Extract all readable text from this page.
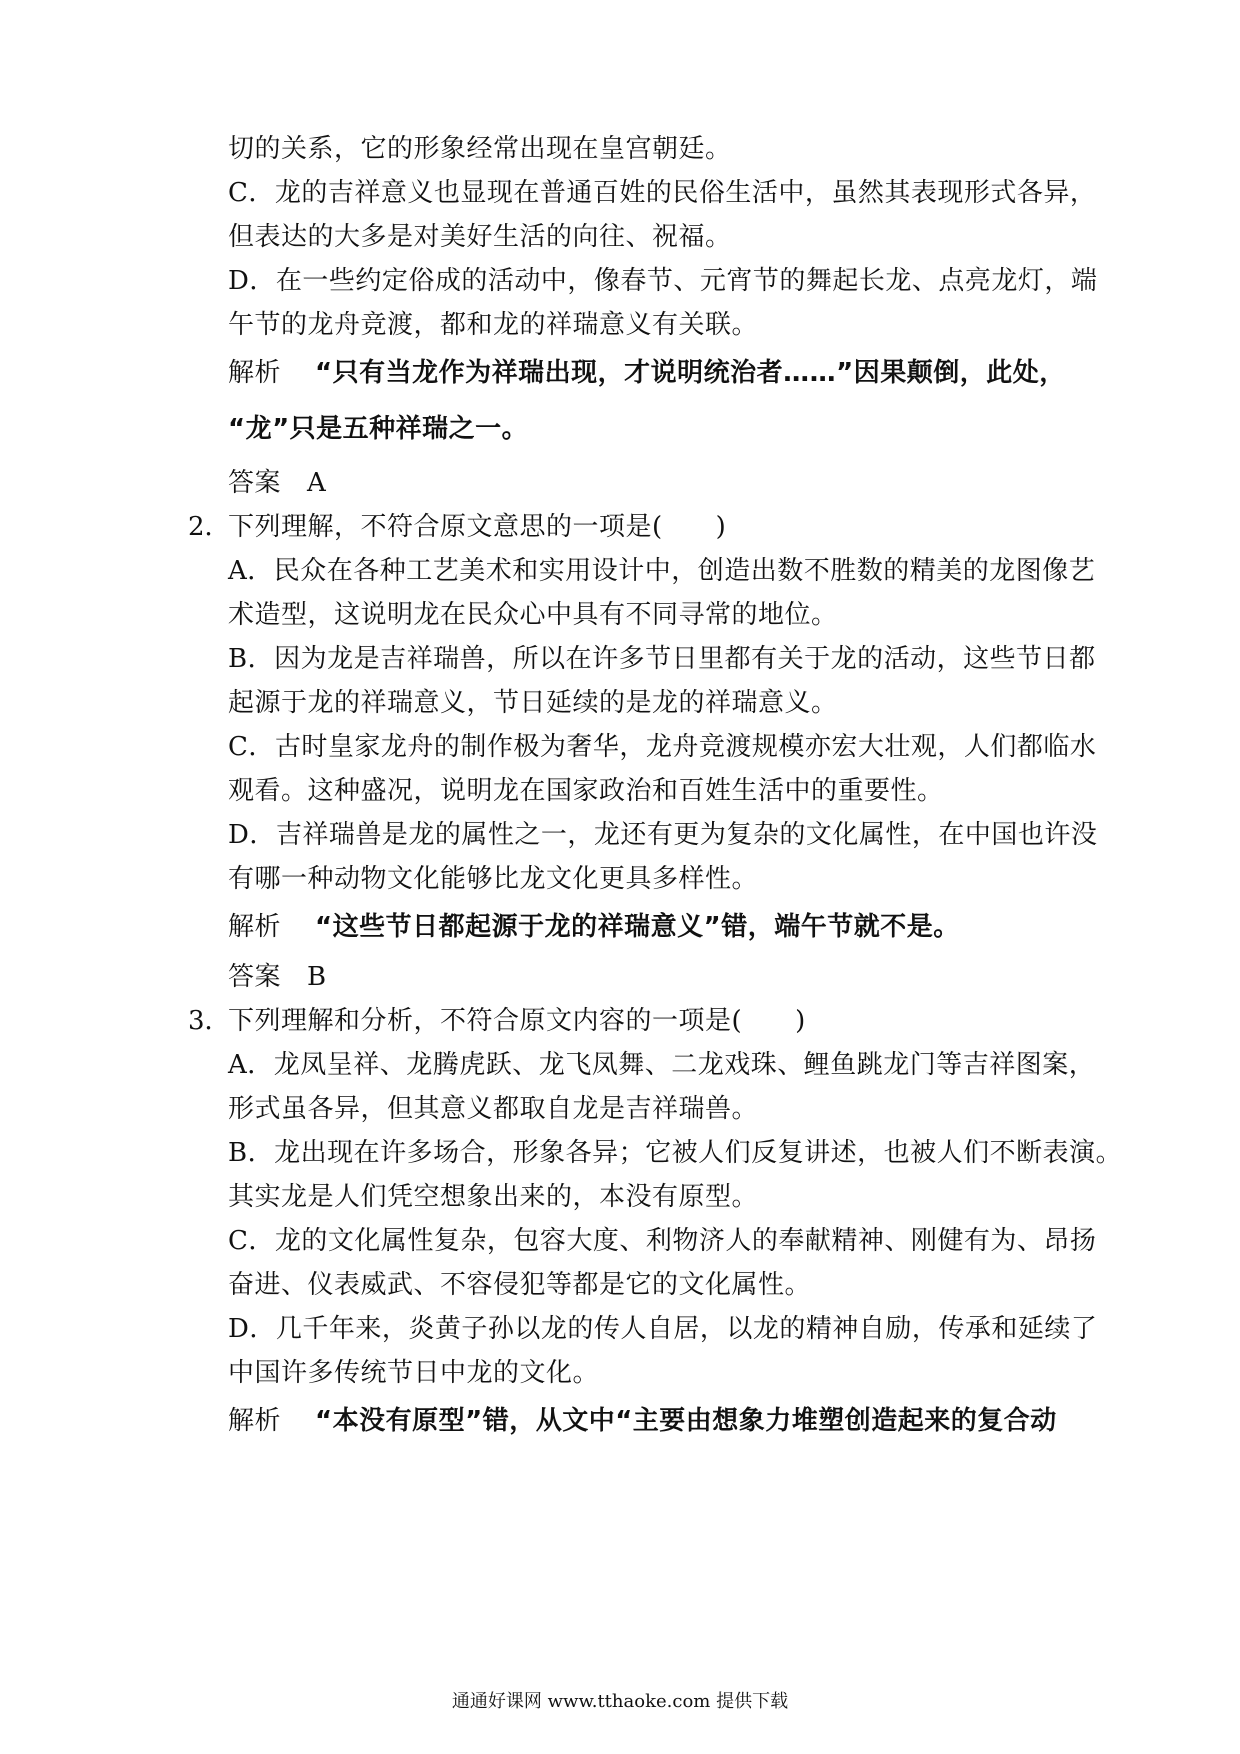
切的关系，它的形象经常出现在皇宫朝廷。
C．龙的吉祥意义也显现在普通百姓的民俗生活中，虽然其表现形式各异，
但表达的大多是对美好生活的向往、祝福。
D．在一些约定俗成的活动中，像春节、元宵节的舞起长龙、点亮龙灯，端
午节的龙舟竞渡，都和龙的祥瑞意义有关联。
解析 “只有当龙作为祥瑞出现，才说明统治者……”因果颠倒，此处，
“龙”只是五种祥瑞之一。
答案 A
2．
下列理解，不符合原文意思的一项是(　　)
A．民众在各种工艺美术和实用设计中，创造出数不胜数的精美的龙图像艺
术造型，这说明龙在民众心中具有不同寻常的地位。
B．因为龙是吉祥瑞兽，所以在许多节日里都有关于龙的活动，这些节日都
起源于龙的祥瑞意义，节日延续的是龙的祥瑞意义。
C．古时皇家龙舟的制作极为奢华，龙舟竞渡规模亦宏大壮观，人们都临水
观看。这种盛况，说明龙在国家政治和百姓生活中的重要性。
D．吉祥瑞兽是龙的属性之一，龙还有更为复杂的文化属性，在中国也许没
有哪一种动物文化能够比龙文化更具多样性。
解析 “这些节日都起源于龙的祥瑞意义”错，端午节就不是。
答案 B
3．
下列理解和分析，不符合原文内容的一项是(　　)
A．龙凤呈祥、龙腾虎跃、龙飞凤舞、二龙戏珠、鲤鱼跳龙门等吉祥图案，
形式虽各异，但其意义都取自龙是吉祥瑞兽。
B．龙出现在许多场合，形象各异；它被人们反复讲述，也被人们不断表演。
其实龙是人们凭空想象出来的，本没有原型。
C．龙的文化属性复杂，包容大度、利物济人的奉献精神、刚健有为、昂扬
奋进、仪表威武、不容侵犯等都是它的文化属性。
D．几千年来，炎黄子孙以龙的传人自居，以龙的精神自励，传承和延续了
中国许多传统节日中龙的文化。
解析 “本没有原型”错，从文中“主要由想象力堆塑创造起来的复合动
通通好课网 www.tthaoke.com 提供下载
